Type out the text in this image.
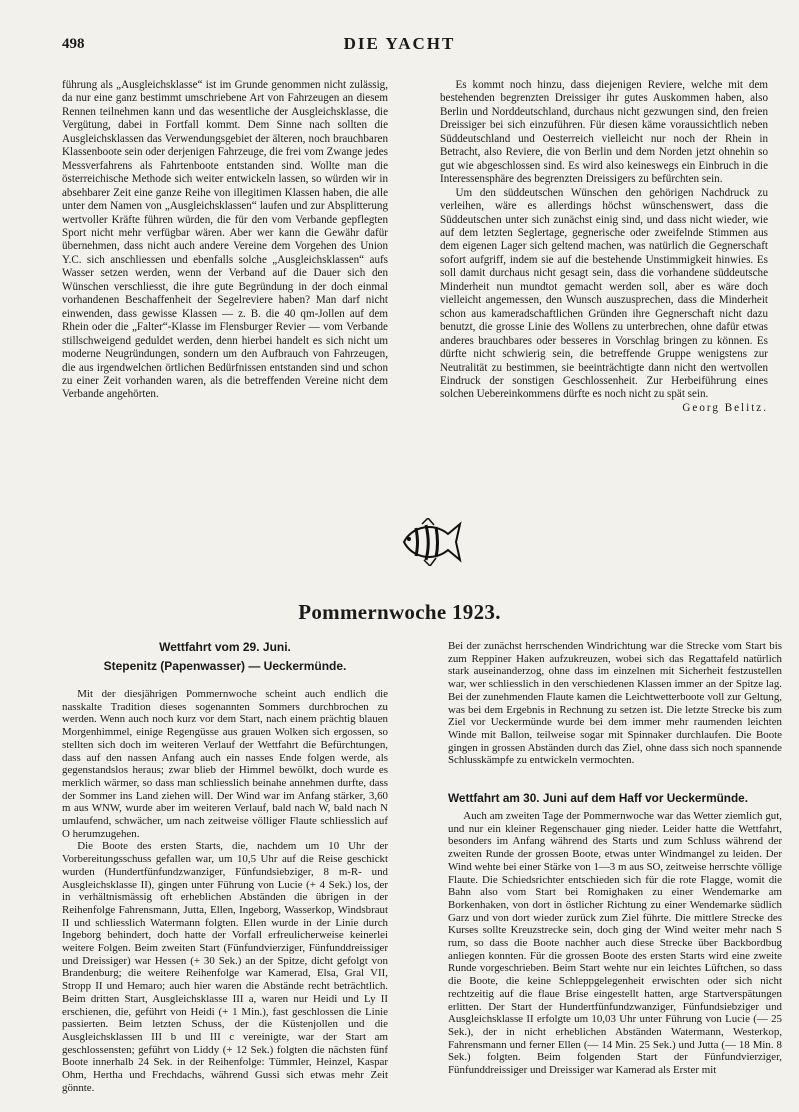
498	DIE YACHT

führung als „Ausgleichsklasse“ ist im Grunde genommen nicht zulässig, da nur eine ganz bestimmt umschriebene Art von Fahrzeugen an diesem Rennen teilnehmen kann und das wesentliche der Ausgleichsklasse, die Vergütung, dabei in Fortfall kommt. Dem Sinne nach sollten die Ausgleichsklassen das Verwendungsgebiet der älteren, noch brauchbaren Klassenboote sein oder derjenigen Fahrzeuge, die frei vom Zwange jedes Messverfahrens als Fahrtenboote entstanden sind. Wollte man die österreichische Methode sich weiter entwickeln lassen, so würden wir in absehbarer Zeit eine ganze Reihe von illegitimen Klassen haben, die alle unter dem Namen von „Ausgleichsklassen“ laufen und zur Absplitterung wertvoller Kräfte führen würden, die für den vom Verbande gepflegten Sport nicht mehr verfügbar wären. Aber wer kann die Gewähr dafür übernehmen, dass nicht auch andere Vereine dem Vorgehen des Union Y.C. sich anschliessen und ebenfalls solche „Ausgleichsklassen“ aufs Wasser setzen werden, wenn der Verband auf die Dauer sich den Wünschen verschliesst, die ihre gute Begründung in der doch einmal vorhandenen Beschaffenheit der Segelreviere haben? Man darf nicht einwenden, dass gewisse Klassen — z. B. die 40 qm-Jollen auf dem Rhein oder die „Falter“-Klasse im Flensburger Revier — vom Verbande stillschweigend geduldet werden, denn hierbei handelt es sich nicht um moderne Neugründungen, sondern um den Aufbrauch von Fahrzeugen, die aus irgendwelchen örtlichen Bedürfnissen entstanden sind und schon zu einer Zeit vorhanden waren, als die betreffenden Vereine nicht dem Verbande angehörten.

Es kommt noch hinzu, dass diejenigen Reviere, welche mit dem bestehenden begrenzten Dreissiger ihr gutes Auskommen haben, also Berlin und Norddeutschland, durchaus nicht gezwungen sind, den freien Dreissiger bei sich einzuführen. Für diesen käme voraussichtlich neben Süddeutschland und Oesterreich vielleicht nur noch der Rhein in Betracht, also Reviere, die von Berlin und dem Norden jetzt ohnehin so gut wie abgeschlossen sind. Es wird also keineswegs ein Einbruch in die Interessensphäre des begrenzten Dreissigers zu befürchten sein.

Um den süddeutschen Wünschen den gehörigen Nachdruck zu verleihen, wäre es allerdings höchst wünschenswert, dass die Süddeutschen unter sich zunächst einig sind, und dass nicht wieder, wie auf dem letzten Seglertage, gegnerische oder zweifelnde Stimmen aus dem eigenen Lager sich geltend machen, was natürlich die Gegnerschaft sofort aufgriff, indem sie auf die bestehende Unstimmigkeit hinwies. Es soll damit durchaus nicht gesagt sein, dass die vorhandene süddeutsche Minderheit nun mundtot gemacht werden soll, aber es wäre doch vielleicht angemessen, den Wunsch auszusprechen, dass die Minderheit schon aus kameradschaftlichen Gründen ihre Gegnerschaft nicht dazu benutzt, die grosse Linie des Wollens zu unterbrechen, ohne dafür etwas anderes brauchbares oder besseres in Vorschlag bringen zu können. Es dürfte nicht schwierig sein, die betreffende Gruppe wenigstens zur Neutralität zu bestimmen, sie beeinträchtigte dann nicht den wertvollen Eindruck der sonstigen Geschlossenheit. Zur Herbeiführung eines solchen Uebereinkommens dürfte es noch nicht zu spät sein.

Georg Belitz.
Pommernwoche 1923.
Wettfahrt vom 29. Juni.
Stepenitz (Papenwasser) — Ueckermünde.

Mit der diesjährigen Pommernwoche scheint auch endlich die nasskalte Tradition dieses sogenannten Sommers durchbrochen zu werden. Wenn auch noch kurz vor dem Start, nach einem prächtig blauen Morgenhimmel, einige Regengüsse aus grauen Wolken sich ergossen, so stellten sich doch im weiteren Verlauf der Wettfahrt die Befürchtungen, dass auf den nassen Anfang auch ein nasses Ende folgen werde, als gegenstandslos heraus; zwar blieb der Himmel bewölkt, doch wurde es merklich wärmer, so dass man schliesslich beinahe annehmen durfte, dass der Sommer ins Land ziehen will. Der Wind war im Anfang stärker, 3,60 m aus WNW, wurde aber im weiteren Verlauf, bald nach W, bald nach N umlaufend, schwächer, um nach zeitweise völliger Flaute schliesslich auf O herumzugehen.

Die Boote des ersten Starts, die, nachdem um 10 Uhr der Vorbereitungsschuss gefallen war, um 10,5 Uhr auf die Reise geschickt wurden (Hundertfünfundzwanziger, Fünfundsiebziger, 8 m-R- und Ausgleichsklasse II), gingen unter Führung von Lucie (+ 4 Sek.) los, der in verhältnismässig oft erheblichen Abständen die übrigen in der Reihenfolge Fahrensmann, Jutta, Ellen, Ingeborg, Wasserkop, Windsbraut II und schliesslich Watermann folgten. Ellen wurde in der Linie durch Ingeborg behindert, doch hatte der Vorfall erfreulicherweise keinerlei weitere Folgen. Beim zweiten Start (Fünfundvierziger, Fünfunddreissiger und Dreissiger) war Hessen (+ 30 Sek.) an der Spitze, dicht gefolgt von Brandenburg; die weitere Reihenfolge war Kamerad, Elsa, Gral VII, Stropp II und Hemaro; auch hier waren die Abstände recht beträchtlich. Beim dritten Start, Ausgleichsklasse III a, waren nur Heidi und Ly II erschienen, die, geführt von Heidi (+ 1 Min.), fast geschlossen die Linie passierten. Beim letzten Schuss, der die Küstenjollen und die Ausgleichsklassen III b und III c vereinigte, war der Start am geschlossensten; geführt von Liddy (+ 12 Sek.) folgten die nächsten fünf Boote innerhalb 24 Sek. in der Reihenfolge: Tümmler, Heinzel, Kaspar Ohm, Hertha und Frechdachs, während Gussi sich etwas mehr Zeit gönnte.

Bei der zunächst herrschenden Windrichtung war die Strecke vom Start bis zum Reppiner Haken aufzukreuzen, wobei sich das Regattafeld natürlich stark auseinanderzog, ohne dass im einzelnen mit Sicherheit festzustellen war, wer schliesslich in den verschiedenen Klassen immer an der Spitze lag. Bei der zunehmenden Flaute kamen die Leichtwetterboote voll zur Geltung, was bei dem Ergebnis in Rechnung zu setzen ist. Die letzte Strecke bis zum Ziel vor Ueckermünde wurde bei dem immer mehr raumenden leichten Winde mit Ballon, teilweise sogar mit Spinnaker durchlaufen. Die Boote gingen in grossen Abständen durch das Ziel, ohne dass sich noch spannende Schlusskämpfe zu entwickeln vermochten.

Wettfahrt am 30. Juni auf dem Haff vor Ueckermünde.

Auch am zweiten Tage der Pommernwoche war das Wetter ziemlich gut, und nur ein kleiner Regenschauer ging nieder. Leider hatte die Wettfahrt, besonders im Anfang während des Starts und zum Schluss während der zweiten Runde der grossen Boote, etwas unter Windmangel zu leiden. Der Wind wehte bei einer Stärke von 1—3 m aus SO, zeitweise herrschte völlige Flaute. Die Schiedsrichter entschieden sich für die rote Flagge, womit die Bahn also vom Start bei Romighaken zu einer Wendemarke am Borkenhaken, von dort in östlicher Richtung zu einer Wendemarke südlich Garz und von dort wieder zurück zum Ziel führte. Die mittlere Strecke des Kurses sollte Kreuzstrecke sein, doch ging der Wind weiter mehr nach S rum, so dass die Boote nachher auch diese Strecke über Backbordbug anliegen konnten. Für die grossen Boote des ersten Starts wird eine zweite Runde vorgeschrieben. Beim Start wehte nur ein leichtes Lüftchen, so dass die Boote, die keine Schleppgelegenheit erwischten oder sich nicht rechtzeitig auf die flaue Brise eingestellt hatten, arge Startverspätungen erlitten. Der Start der Hundertfünfundzwanziger, Fünfundsiebziger und Ausgleichsklasse II erfolgte um 10,03 Uhr unter Führung von Lucie (— 25 Sek.), der in nicht erheblichen Abständen Watermann, Westerkop, Fahrensmann und ferner Ellen (— 14 Min. 25 Sek.) und Jutta (— 18 Min. 8 Sek.) folgten. Beim folgenden Start der Fünfundvierziger, Fünfunddreissiger und Dreissiger war Kamerad als Erster mit
